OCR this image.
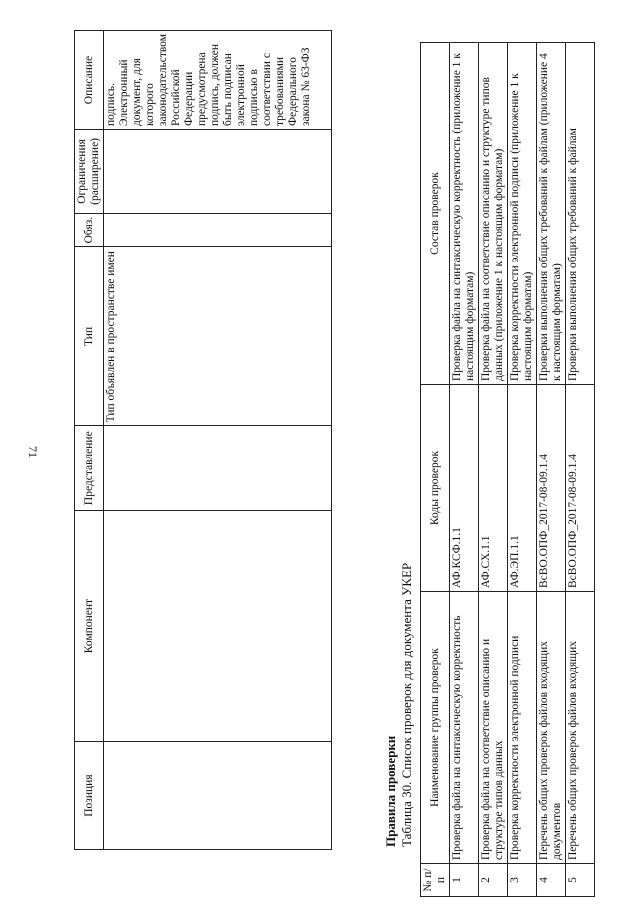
71
Позиция	Компонент	Представление	Тип	Обяз.	Ограничения (расширение)	Описание
			Тип объявлен в пространстве имен			подпись. Электронный документ, для которого законодательством Российской Федерации предусмотрена подпись, должен быть подписан электронной подписью в соответствии с требованиями Федерального закона № 63-ФЗ
Правила проверки Таблица 30. Список проверок для документа УКЕР
№ п/п	Наименование группы проверок	Коды проверок	Состав проверок
1	Проверка файла на синтаксическую корректность	АФ.КСФ.1.1	Проверка файла на синтаксическую корректность (приложение 1 к настоящим форматам)
2	Проверка файла на соответствие описанию и структуре типов данных	АФ.СХ.1.1	Проверка файла на соответствие описанию и структуре типов данных (приложение 1 к настоящим форматам)
3	Проверка корректности электронной подписи	АФ.ЭП.1.1	Проверка корректности электронной подписи (приложение 1 к настоящим форматам)
4	Перечень общих проверок файлов входящих документов	ВсВО.ОПФ_2017-08-09.1.4	Проверки выполнения общих требований к файлам (приложение 4 к настоящим форматам)
5	Перечень общих проверок файлов входящих	ВсВО.ОПФ_2017-08-09.1.4	Проверки выполнения общих требований к файлам
